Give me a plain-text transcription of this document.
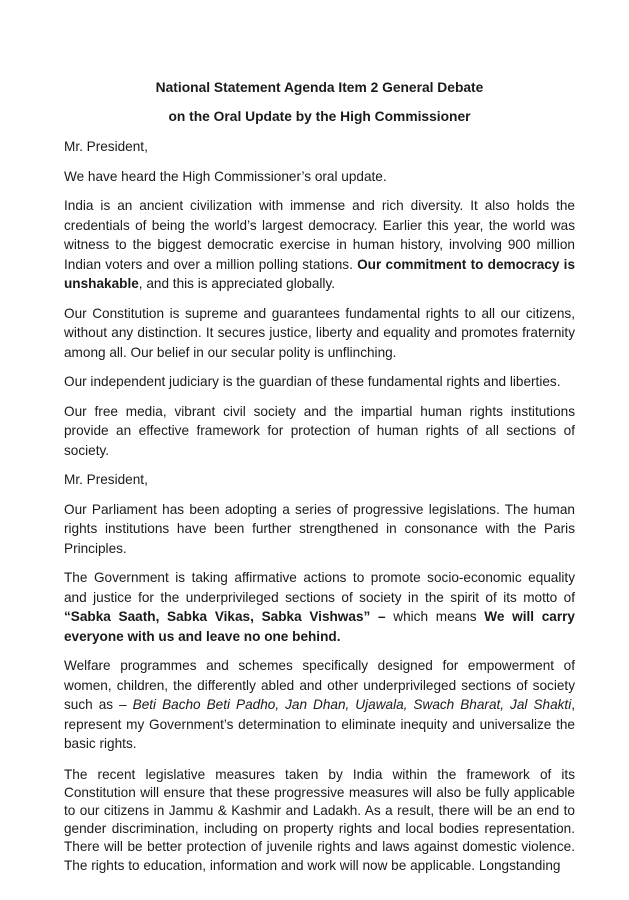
National Statement Agenda Item 2 General Debate

on the Oral Update by the High Commissioner

Mr. President,

We have heard the High Commissioner’s oral update.

India is an ancient civilization with immense and rich diversity. It also holds the credentials of being the world’s largest democracy. Earlier this year, the world was witness to the biggest democratic exercise in human history, involving 900 million Indian voters and over a million polling stations. Our commitment to democracy is unshakable, and this is appreciated globally.

Our Constitution is supreme and guarantees fundamental rights to all our citizens, without any distinction. It secures justice, liberty and equality and promotes fraternity among all. Our belief in our secular polity is unflinching.

Our independent judiciary is the guardian of these fundamental rights and liberties.

Our free media, vibrant civil society and the impartial human rights institutions provide an effective framework for protection of human rights of all sections of society.

Mr. President,

Our Parliament has been adopting a series of progressive legislations. The human rights institutions have been further strengthened in consonance with the Paris Principles.

The Government is taking affirmative actions to promote socio-economic equality and justice for the underprivileged sections of society in the spirit of its motto of “Sabka Saath, Sabka Vikas, Sabka Vishwas” – which means We will carry everyone with us and leave no one behind.

Welfare programmes and schemes specifically designed for empowerment of women, children, the differently abled and other underprivileged sections of society such as – Beti Bacho Beti Padho, Jan Dhan, Ujawala, Swach Bharat, Jal Shakti, represent my Government’s determination to eliminate inequity and universalize the basic rights.

The recent legislative measures taken by India within the framework of its Constitution will ensure that these progressive measures will also be fully applicable to our citizens in Jammu & Kashmir and Ladakh. As a result, there will be an end to gender discrimination, including on property rights and local bodies representation. There will be better protection of juvenile rights and laws against domestic violence. The rights to education, information and work will now be applicable. Longstanding
